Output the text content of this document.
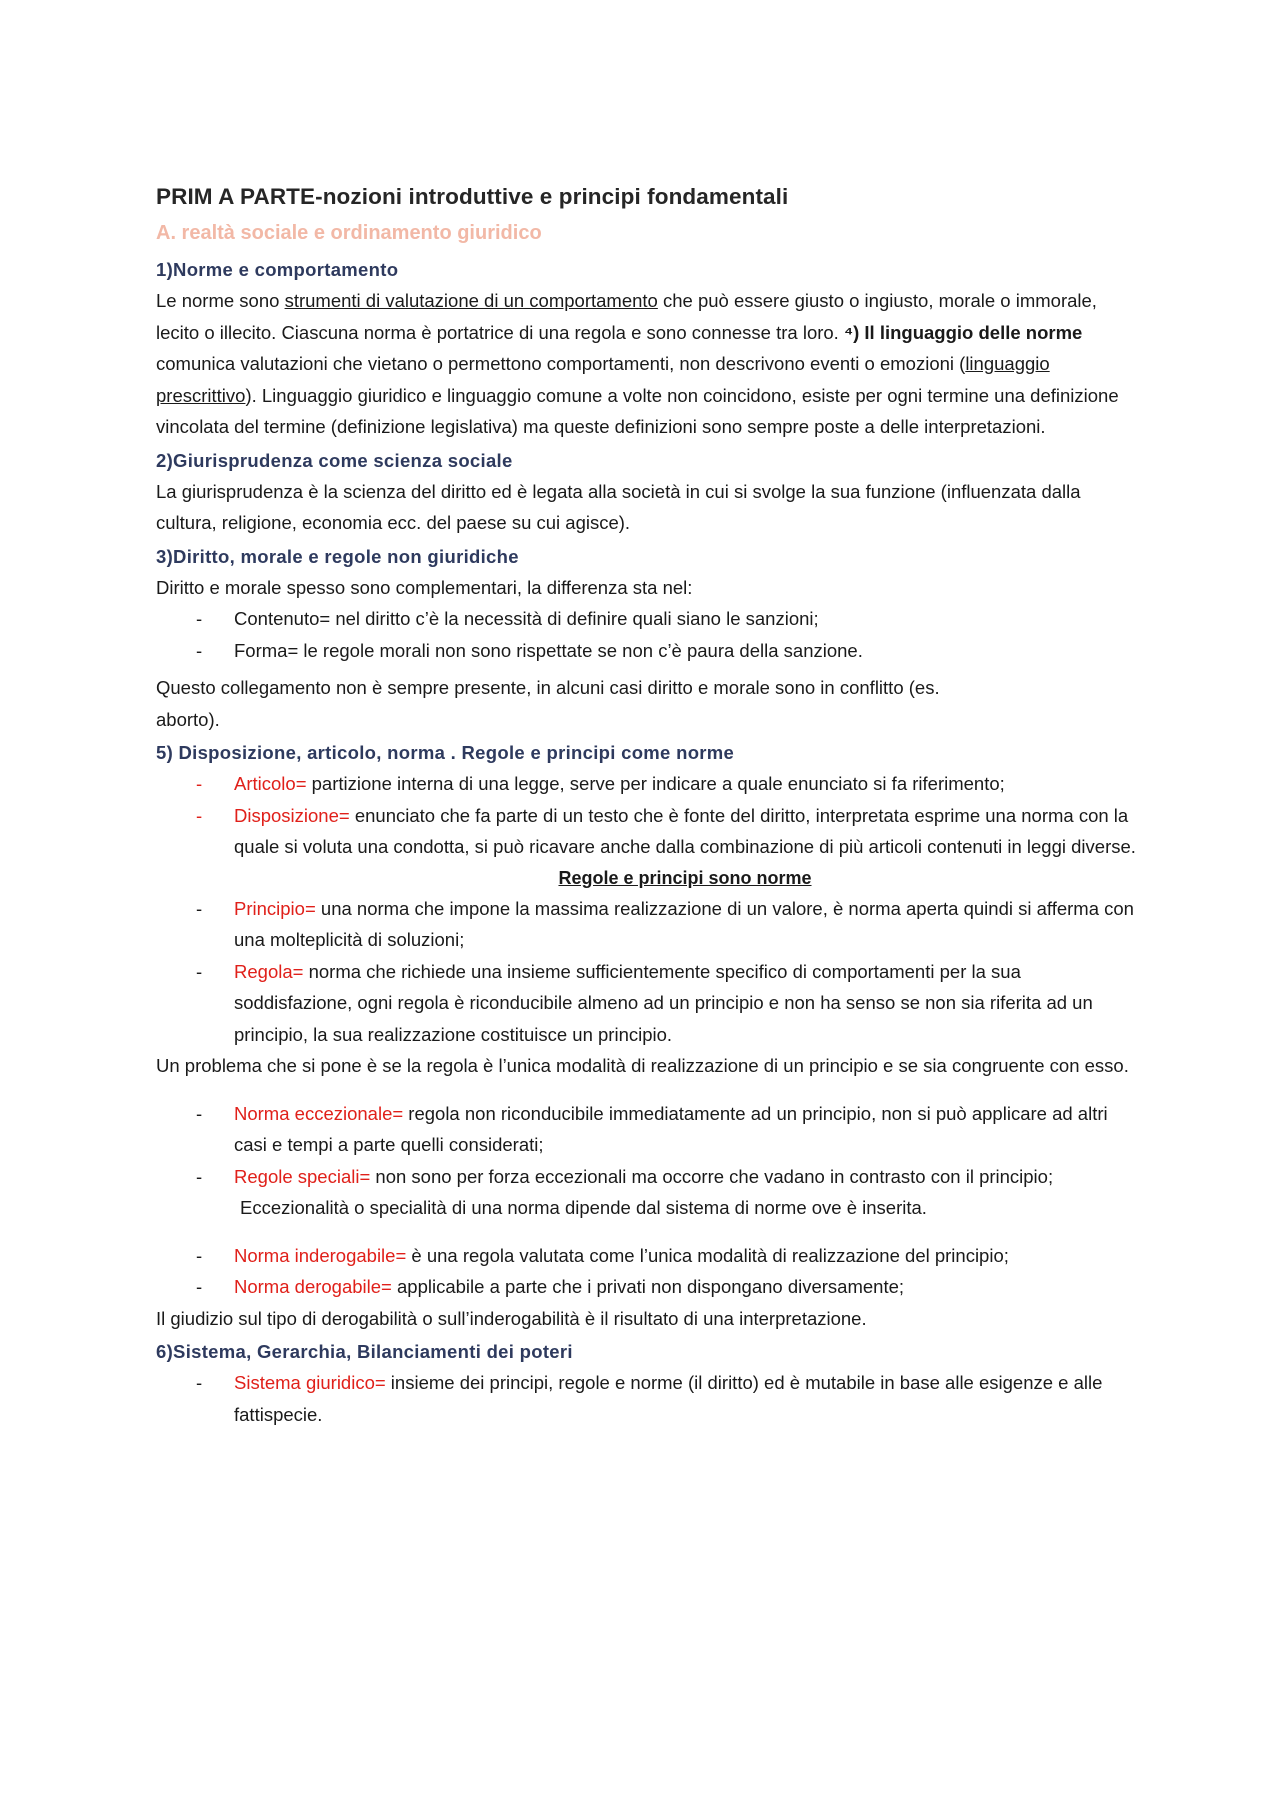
PRIM A PARTE-nozioni introduttive e principi fondamentali
A. realtà sociale e ordinamento giuridico
1)Norme e comportamento
Le norme sono strumenti di valutazione di un comportamento che può essere giusto o ingiusto, morale o immorale, lecito o illecito. Ciascuna norma è portatrice di una regola e sono connesse tra loro. ⁴) Il linguaggio delle norme comunica valutazioni che vietano o permettono comportamenti, non descrivono eventi o emozioni (linguaggio prescrittivo). Linguaggio giuridico e linguaggio comune a volte non coincidono, esiste per ogni termine una definizione vincolata del termine (definizione legislativa) ma queste definizioni sono sempre poste a delle interpretazioni.
2)Giurisprudenza come scienza sociale
La giurisprudenza è la scienza del diritto ed è legata alla società in cui si svolge la sua funzione (influenzata dalla cultura, religione, economia ecc. del paese su cui agisce).
3)Diritto, morale e regole non giuridiche
Diritto e morale spesso sono complementari, la differenza sta nel:
- Contenuto= nel diritto c’è la necessità di definire quali siano le sanzioni;
- Forma= le regole morali non sono rispettate se non c’è paura della sanzione.
Questo collegamento non è sempre presente, in alcuni casi diritto e morale sono in conflitto (es. aborto).
5) Disposizione, articolo, norma . Regole e principi come norme
- Articolo= partizione interna di una legge, serve per indicare a quale enunciato si fa riferimento;
- Disposizione= enunciato che fa parte di un testo che è fonte del diritto, interpretata esprime una norma con la quale si voluta una condotta, si può ricavare anche dalla combinazione di più articoli contenuti in leggi diverse.
Regole e principi sono norme
- Principio= una norma che impone la massima realizzazione di un valore, è norma aperta quindi si afferma con una molteplicità di soluzioni;
- Regola= norma che richiede una insieme sufficientemente specifico di comportamenti per la sua soddisfazione, ogni regola è riconducibile almeno ad un principio e non ha senso se non sia riferita ad un principio, la sua realizzazione costituisce un principio.
Un problema che si pone è se la regola è l’unica modalità di realizzazione di un principio e se sia congruente con esso.
- Norma eccezionale= regola non riconducibile immediatamente ad un principio, non si può applicare ad altri casi e tempi a parte quelli considerati;
- Regole speciali= non sono per forza eccezionali ma occorre che vadano in contrasto con il principio;
Eccezionalità o specialità di una norma dipende dal sistema di norme ove è inserita.
- Norma inderogabile= è una regola valutata come l’unica modalità di realizzazione del principio;
- Norma derogabile= applicabile a parte che i privati non dispongano diversamente;
Il giudizio sul tipo di derogabilità o sull’inderogabilità è il risultato di una interpretazione.
6)Sistema, Gerarchia, Bilanciamenti dei poteri
- Sistema giuridico= insieme dei principi, regole e norme (il diritto) ed è mutabile in base alle esigenze e alle fattispecie.
